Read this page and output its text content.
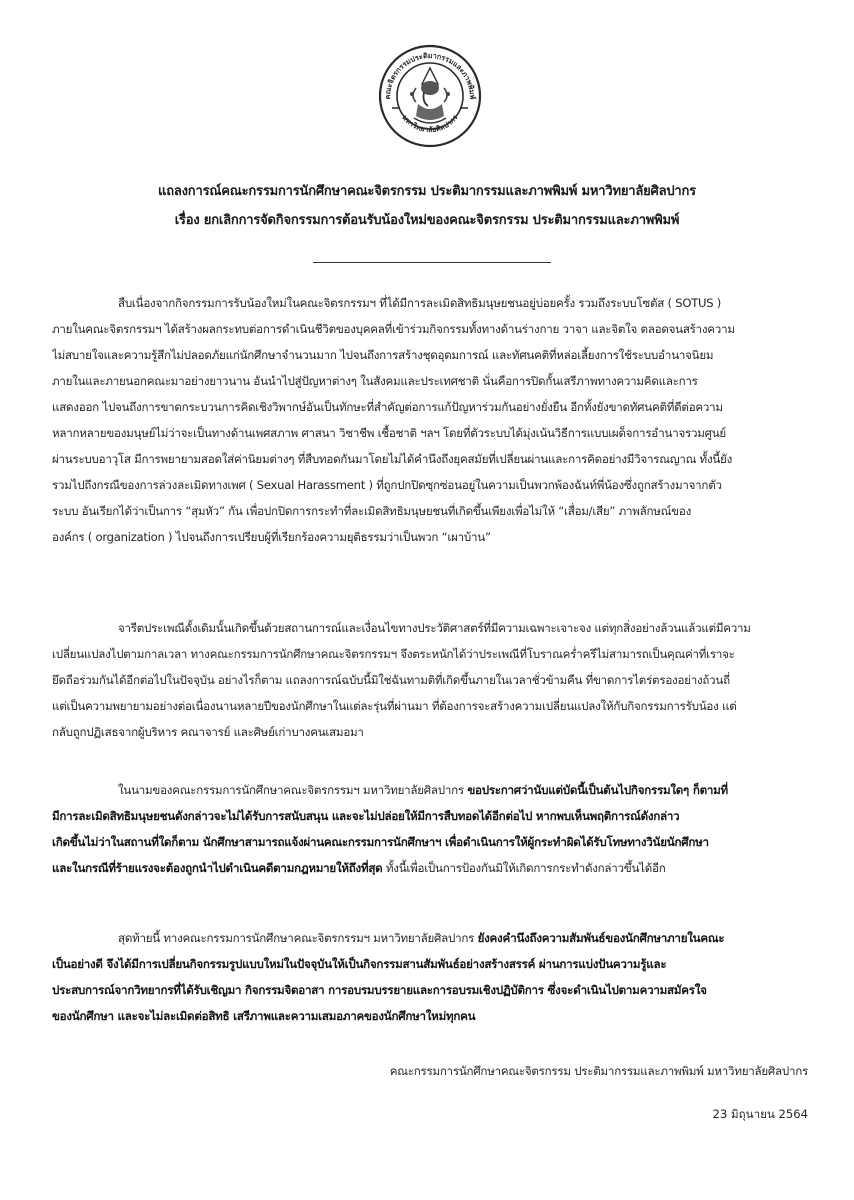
คณะจิตรกรรมประติมากรรมและภาพพิมพ์
มหาวิทยาลัยศิลปากร
แถลงการณ์คณะกรรมการนักศึกษาคณะจิตรกรรม ประติมากรรมและภาพพิมพ์ มหาวิทยาลัยศิลปากร
เรื่อง ยกเลิกการจัดกิจกรรมการต้อนรับน้องใหม่ของคณะจิตรกรรม ประติมากรรมและภาพพิมพ์
สืบเนื่องจากกิจกรรมการรับน้องใหม่ในคณะจิตรกรรมฯ ที่ได้มีการละเมิดสิทธิมนุษยชนอยู่บ่อยครั้ง รวมถึงระบบโซตัส ( SOTUS )
ภายในคณะจิตรกรรมฯ ได้สร้างผลกระทบต่อการดำเนินชีวิตของบุคคลที่เข้าร่วมกิจกรรมทั้งทางด้านร่างกาย วาจา และจิตใจ ตลอดจนสร้างความ
ไม่สบายใจและความรู้สึกไม่ปลอดภัยแก่นักศึกษาจำนวนมาก ไปจนถึงการสร้างชุดอุดมการณ์ และทัศนคติที่หล่อเลี้ยงการใช้ระบบอำนาจนิยม
ภายในและภายนอกคณะมาอย่างยาวนาน อันนำไปสู่ปัญหาต่างๆ ในสังคมและประเทศชาติ นั่นคือการปิดกั้นเสรีภาพทางความคิดและการ
แสดงออก ไปจนถึงการขาดกระบวนการคิดเชิงวิพากษ์อันเป็นทักษะที่สำคัญต่อการแก้ปัญหาร่วมกันอย่างยั่งยืน อีกทั้งยังขาดทัศนคติที่ดีต่อความ
หลากหลายของมนุษย์ไม่ว่าจะเป็นทางด้านเพศสภาพ ศาสนา วิชาชีพ เชื้อชาติ ฯลฯ โดยที่ตัวระบบได้มุ่งเน้นวิธีการแบบเผด็จการอำนาจรวมศูนย์
ผ่านระบบอาวุโส มีการพยายามสอดใส่ค่านิยมต่างๆ ที่สืบทอดกันมาโดยไม่ได้คำนึงถึงยุคสมัยที่เปลี่ยนผ่านและการคิดอย่างมีวิจารณญาณ ทั้งนี้ยัง
รวมไปถึงกรณีของการล่วงละเมิดทางเพศ ( Sexual Harassment ) ที่ถูกปกปิดซุกซ่อนอยู่ในความเป็นพวกพ้องฉันท์พี่น้องซึ่งถูกสร้างมาจากตัว
ระบบ อันเรียกได้ว่าเป็นการ “สุมหัว” กัน เพื่อปกปิดการกระทำที่ละเมิดสิทธิมนุษยชนที่เกิดขึ้นเพียงเพื่อไม่ให้ “เสื่อม/เสีย” ภาพลักษณ์ของ
องค์กร ( organization ) ไปจนถึงการเปรียบผู้ที่เรียกร้องความยุติธรรมว่าเป็นพวก “เผาบ้าน”
จารีตประเพณีดั้งเดิมนั้นเกิดขึ้นด้วยสถานการณ์และเงื่อนไขทางประวัติศาสตร์ที่มีความเฉพาะเจาะจง แต่ทุกสิ่งอย่างล้วนแล้วแต่มีความ
เปลี่ยนแปลงไปตามกาลเวลา ทางคณะกรรมการนักศึกษาคณะจิตรกรรมฯ จึงตระหนักได้ว่าประเพณีที่โบราณคร่ำครึไม่สามารถเป็นคุณค่าที่เราจะ
ยึดถือร่วมกันได้อีกต่อไปในปัจจุบัน อย่างไรก็ตาม แถลงการณ์ฉบับนี้มิใช่ฉันทามติที่เกิดขึ้นภายในเวลาชั่วข้ามคืน ที่ขาดการไตร่ตรองอย่างถ้วนถี่
แต่เป็นความพยายามอย่างต่อเนื่องนานหลายปีของนักศึกษาในแต่ละรุ่นที่ผ่านมา ที่ต้องการจะสร้างความเปลี่ยนแปลงให้กับกิจกรรมการรับน้อง แต่
กลับถูกปฏิเสธจากผู้บริหาร คณาจารย์ และศิษย์เก่าบางคนเสมอมา
ในนามของคณะกรรมการนักศึกษาคณะจิตรกรรมฯ มหาวิทยาลัยศิลปากร ขอประกาศว่านับแต่บัดนี้เป็นต้นไปกิจกรรมใดๆ ก็ตามที่
มีการละเมิดสิทธิมนุษยชนดังกล่าวจะไม่ได้รับการสนับสนุน และจะไม่ปล่อยให้มีการสืบทอดได้อีกต่อไป หากพบเห็นพฤติการณ์ดังกล่าว
เกิดขึ้นไม่ว่าในสถานที่ใดก็ตาม นักศึกษาสามารถแจ้งผ่านคณะกรรมการนักศึกษาฯ เพื่อดำเนินการให้ผู้กระทำผิดได้รับโทษทางวินัยนักศึกษา
และในกรณีที่ร้ายแรงจะต้องถูกนำไปดำเนินคดีตามกฎหมายให้ถึงที่สุด ทั้งนี้เพื่อเป็นการป้องกันมิให้เกิดการกระทำดังกล่าวขึ้นได้อีก
สุดท้ายนี้ ทางคณะกรรมการนักศึกษาคณะจิตรกรรมฯ มหาวิทยาลัยศิลปากร ยังคงคำนึงถึงความสัมพันธ์ของนักศึกษาภายในคณะ
เป็นอย่างดี จึงได้มีการเปลี่ยนกิจกรรมรูปแบบใหม่ในปัจจุบันให้เป็นกิจกรรมสานสัมพันธ์อย่างสร้างสรรค์ ผ่านการแบ่งปันความรู้และ
ประสบการณ์จากวิทยากรที่ได้รับเชิญมา กิจกรรมจิตอาสา การอบรมบรรยายและการอบรมเชิงปฏิบัติการ ซึ่งจะดำเนินไปตามความสมัครใจ
ของนักศึกษา และจะไม่ละเมิดต่อสิทธิ เสรีภาพและความเสมอภาคของนักศึกษาใหม่ทุกคน
คณะกรรมการนักศึกษาคณะจิตรกรรม ประติมากรรมและภาพพิมพ์ มหาวิทยาลัยศิลปากร
23 มิถุนายน 2564
